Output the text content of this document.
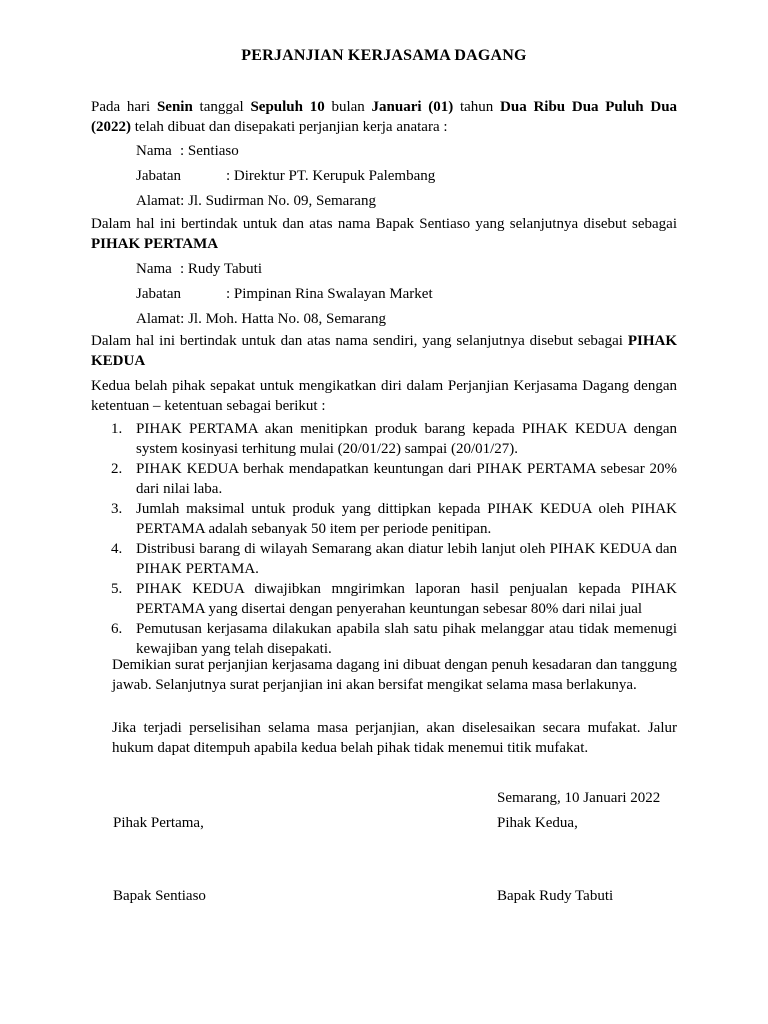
PERJANJIAN KERJASAMA DAGANG
Pada hari Senin tanggal Sepuluh 10 bulan Januari (01) tahun Dua Ribu Dua Puluh Dua (2022) telah dibuat dan disepakati perjanjian kerja anatara :
Nama : Sentiaso
Jabatan	: Direktur PT. Kerupuk Palembang
Alamat: Jl. Sudirman No. 09, Semarang
Dalam hal ini bertindak untuk dan atas nama Bapak Sentiaso yang selanjutnya disebut sebagai PIHAK PERTAMA
Nama : Rudy Tabuti
Jabatan	: Pimpinan Rina Swalayan Market
Alamat: Jl. Moh. Hatta No. 08, Semarang
Dalam hal ini bertindak untuk dan atas nama sendiri, yang selanjutnya disebut sebagai PIHAK KEDUA
Kedua belah pihak sepakat untuk mengikatkan diri dalam Perjanjian Kerjasama Dagang dengan ketentuan – ketentuan sebagai berikut :
1. PIHAK PERTAMA akan menitipkan produk barang kepada PIHAK KEDUA dengan system kosinyasi terhitung mulai (20/01/22) sampai (20/01/27).
2. PIHAK KEDUA berhak mendapatkan keuntungan dari PIHAK PERTAMA sebesar 20% dari nilai laba.
3. Jumlah maksimal untuk produk yang dittipkan kepada PIHAK KEDUA oleh PIHAK PERTAMA adalah sebanyak 50 item per periode penitipan.
4. Distribusi barang di wilayah Semarang akan diatur lebih lanjut oleh PIHAK KEDUA dan PIHAK PERTAMA.
5. PIHAK KEDUA diwajibkan mngirimkan laporan hasil penjualan kepada PIHAK PERTAMA yang disertai dengan penyerahan keuntungan sebesar 80% dari nilai jual
6. Pemutusan kerjasama dilakukan apabila slah satu pihak melanggar atau tidak memenugi kewajiban yang telah disepakati.
Demikian surat perjanjian kerjasama dagang ini dibuat dengan penuh kesadaran dan tanggung jawab. Selanjutnya surat perjanjian ini akan bersifat mengikat selama masa berlakunya.
Jika terjadi perselisihan selama masa perjanjian, akan diselesaikan secara mufakat. Jalur hukum dapat ditempuh apabila kedua belah pihak tidak menemui titik mufakat.
Semarang, 10 Januari 2022
Pihak Pertama,	Pihak Kedua,
Bapak Sentiaso	Bapak Rudy Tabuti
